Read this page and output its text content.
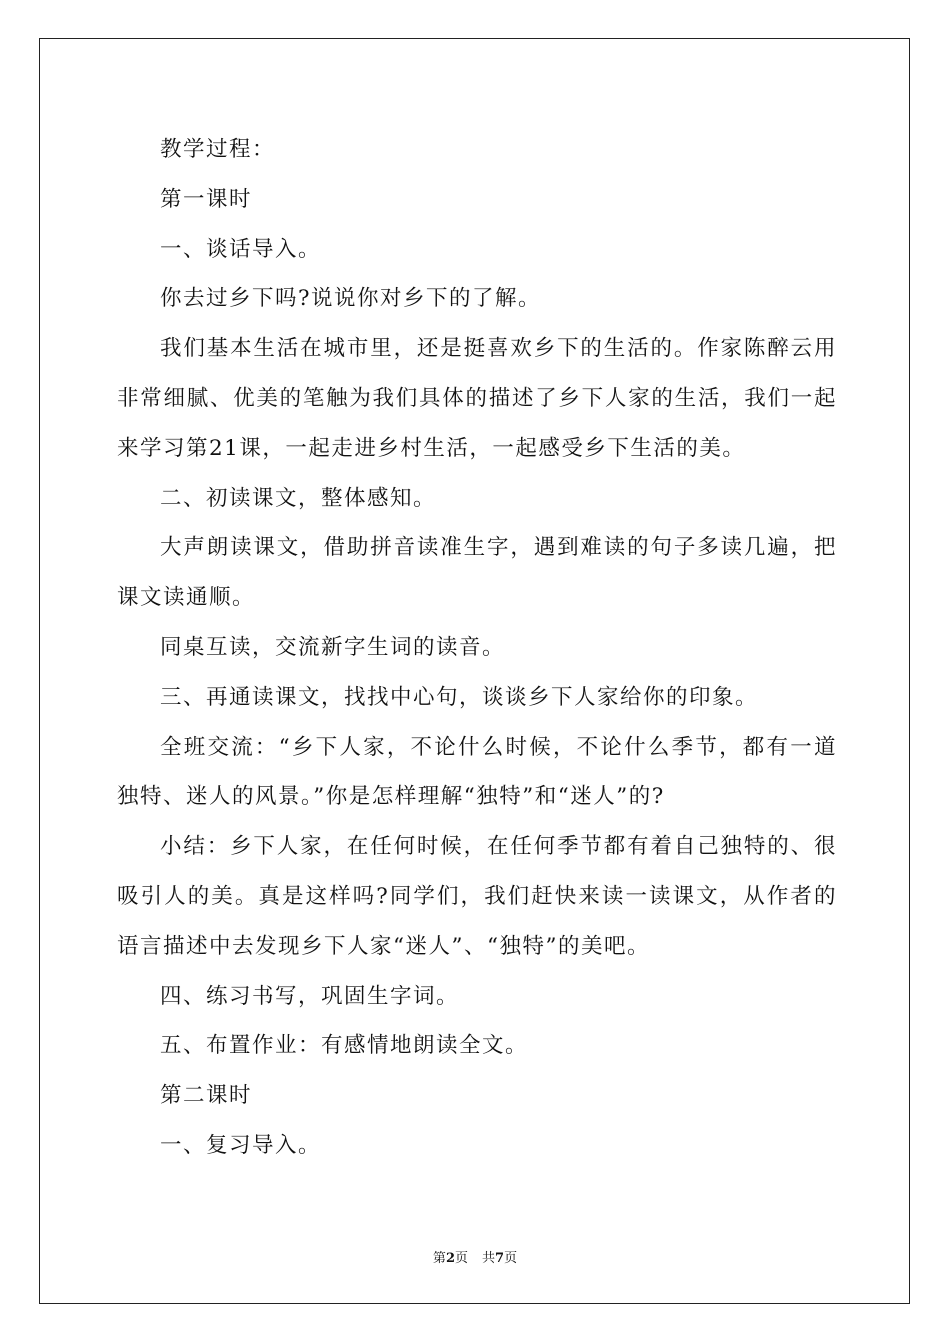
教学过程：

第一课时

一、谈话导入。

你去过乡下吗?说说你对乡下的了解。

我们基本生活在城市里，还是挺喜欢乡下的生活的。作家陈醉云用非常细腻、优美的笔触为我们具体的描述了乡下人家的生活，我们一起来学习第21课，一起走进乡村生活，一起感受乡下生活的美。

二、初读课文，整体感知。

大声朗读课文，借助拼音读准生字，遇到难读的句子多读几遍，把课文读通顺。

同桌互读，交流新字生词的读音。

三、再通读课文，找找中心句，谈谈乡下人家给你的印象。

全班交流：“乡下人家，不论什么时候，不论什么季节，都有一道独特、迷人的风景。”你是怎样理解“独特”和“迷人”的?

小结：乡下人家，在任何时候，在任何季节都有着自己独特的、很吸引人的美。真是这样吗?同学们，我们赶快来读一读课文，从作者的语言描述中去发现乡下人家“迷人”、“独特”的美吧。

四、练习书写，巩固生字词。

五、布置作业：有感情地朗读全文。

第二课时

一、复习导入。

第2页 共7页
